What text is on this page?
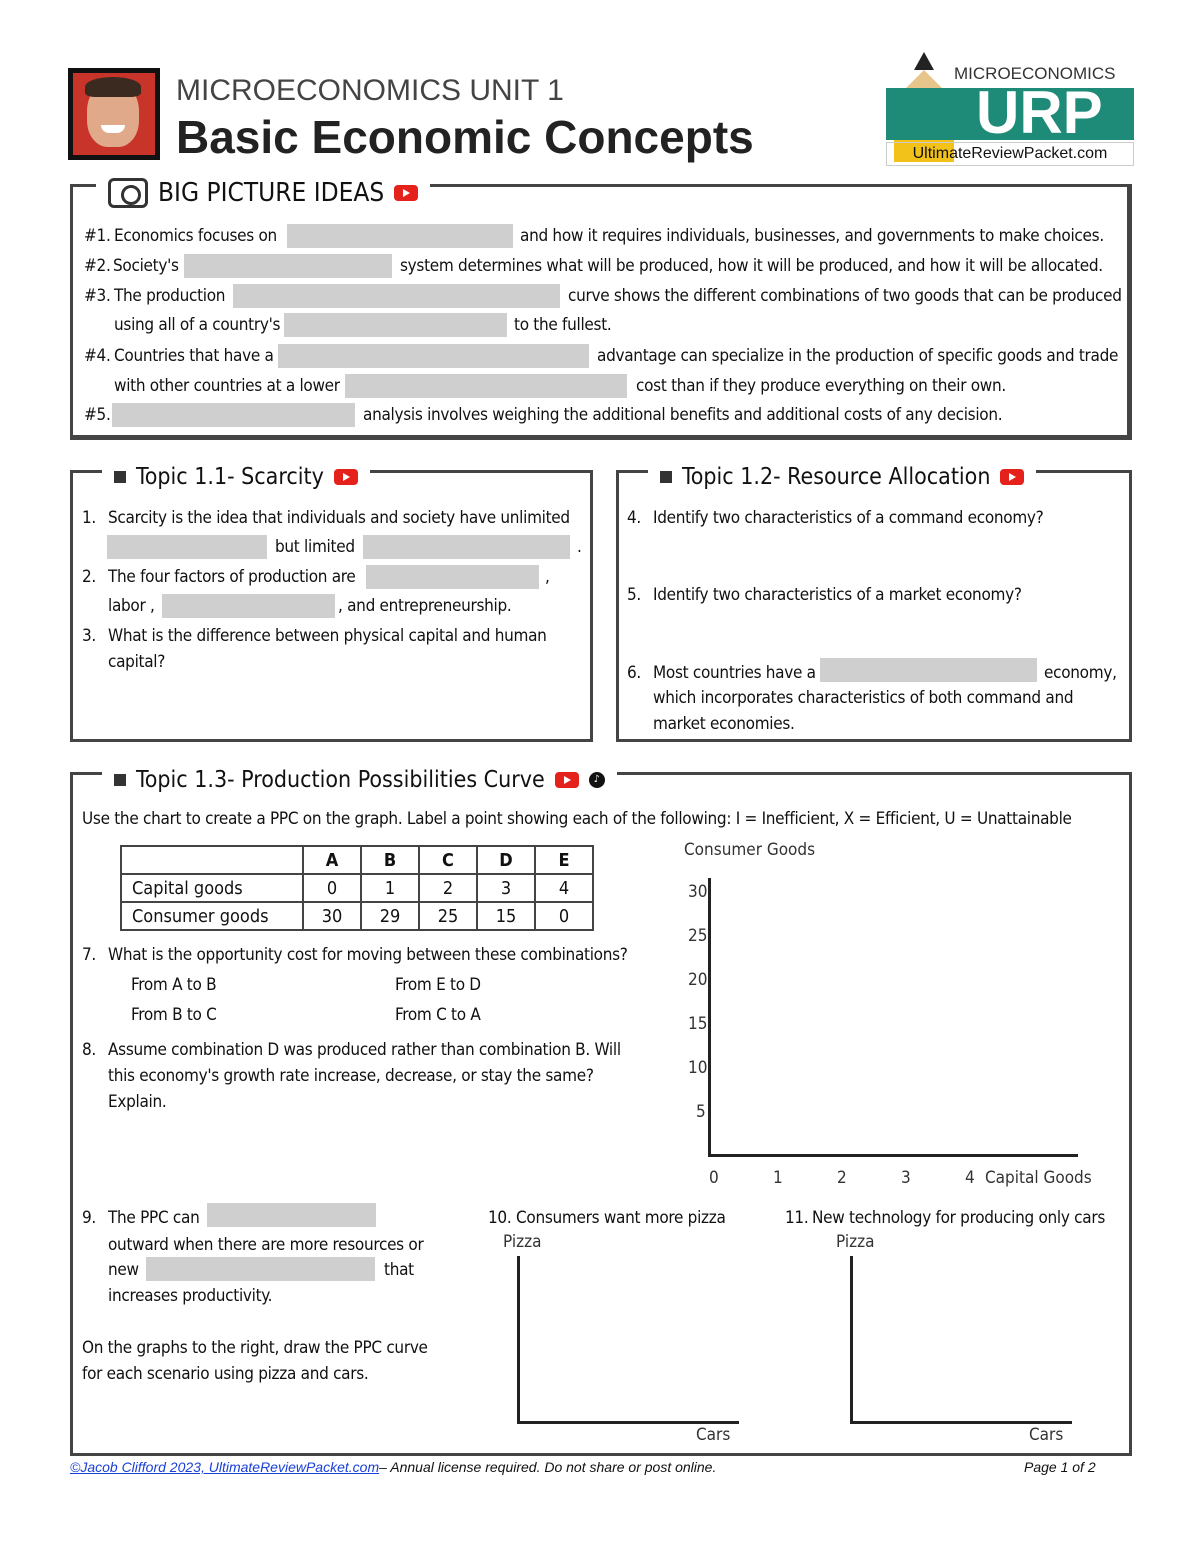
MICROECONOMICS UNIT 1
Basic Economic Concepts
MICROECONOMICS
URP
UltimateReviewPacket.com
BIG PICTURE IDEAS
#1. Economics focuses on	and how it requires individuals, businesses, and governments to make choices.
#2. Society's	system determines what will be produced, how it will be produced, and how it will be allocated.
#3. The production	curve shows the different combinations of two goods that can be produced
using all of a country's	to the fullest.
#4. Countries that have a	advantage can specialize in the production of specific goods and trade
with other countries at a lower	cost than if they produce everything on their own.
#5.	analysis involves weighing the additional benefits and additional costs of any decision.
Topic 1.1- Scarcity
1. Scarcity is the idea that individuals and society have unlimited
but limited	.
2. The four factors of production are	,
labor ,	, and entrepreneurship.
3. What is the difference between physical capital and human
capital?
Topic 1.2- Resource Allocation
4. Identify two characteristics of a command economy?
5. Identify two characteristics of a market economy?
6. Most countries have a	economy,
which incorporates characteristics of both command and
market economies.
Topic 1.3- Production Possibilities Curve	♪
Use the chart to create a PPC on the graph. Label a point showing each of the following: I = Inefficient, X = Efficient, U = Unattainable
	A	B	C	D	E
Capital goods	0	1	2	3	4
Consumer goods	30	29	25	15	0
7. What is the opportunity cost for moving between these combinations?
From A to B	From E to D
From B to C	From C to A
8. Assume combination D was produced rather than combination B. Will
this economy's growth rate increase, decrease, or stay the same?
Explain.
Consumer Goods
Capital Goods
0	1	2	3	4
5
10
15
20
25
30
9. The PPC can
outward when there are more resources or
new	that
increases productivity.
On the graphs to the right, draw the PPC curve
for each scenario using pizza and cars.
10. Consumers want more pizza
Pizza
Cars
11. New technology for producing only cars
Pizza
Cars
©Jacob Clifford 2023, UltimateReviewPacket.com– Annual license required. Do not share or post online.	Page 1 of 2
